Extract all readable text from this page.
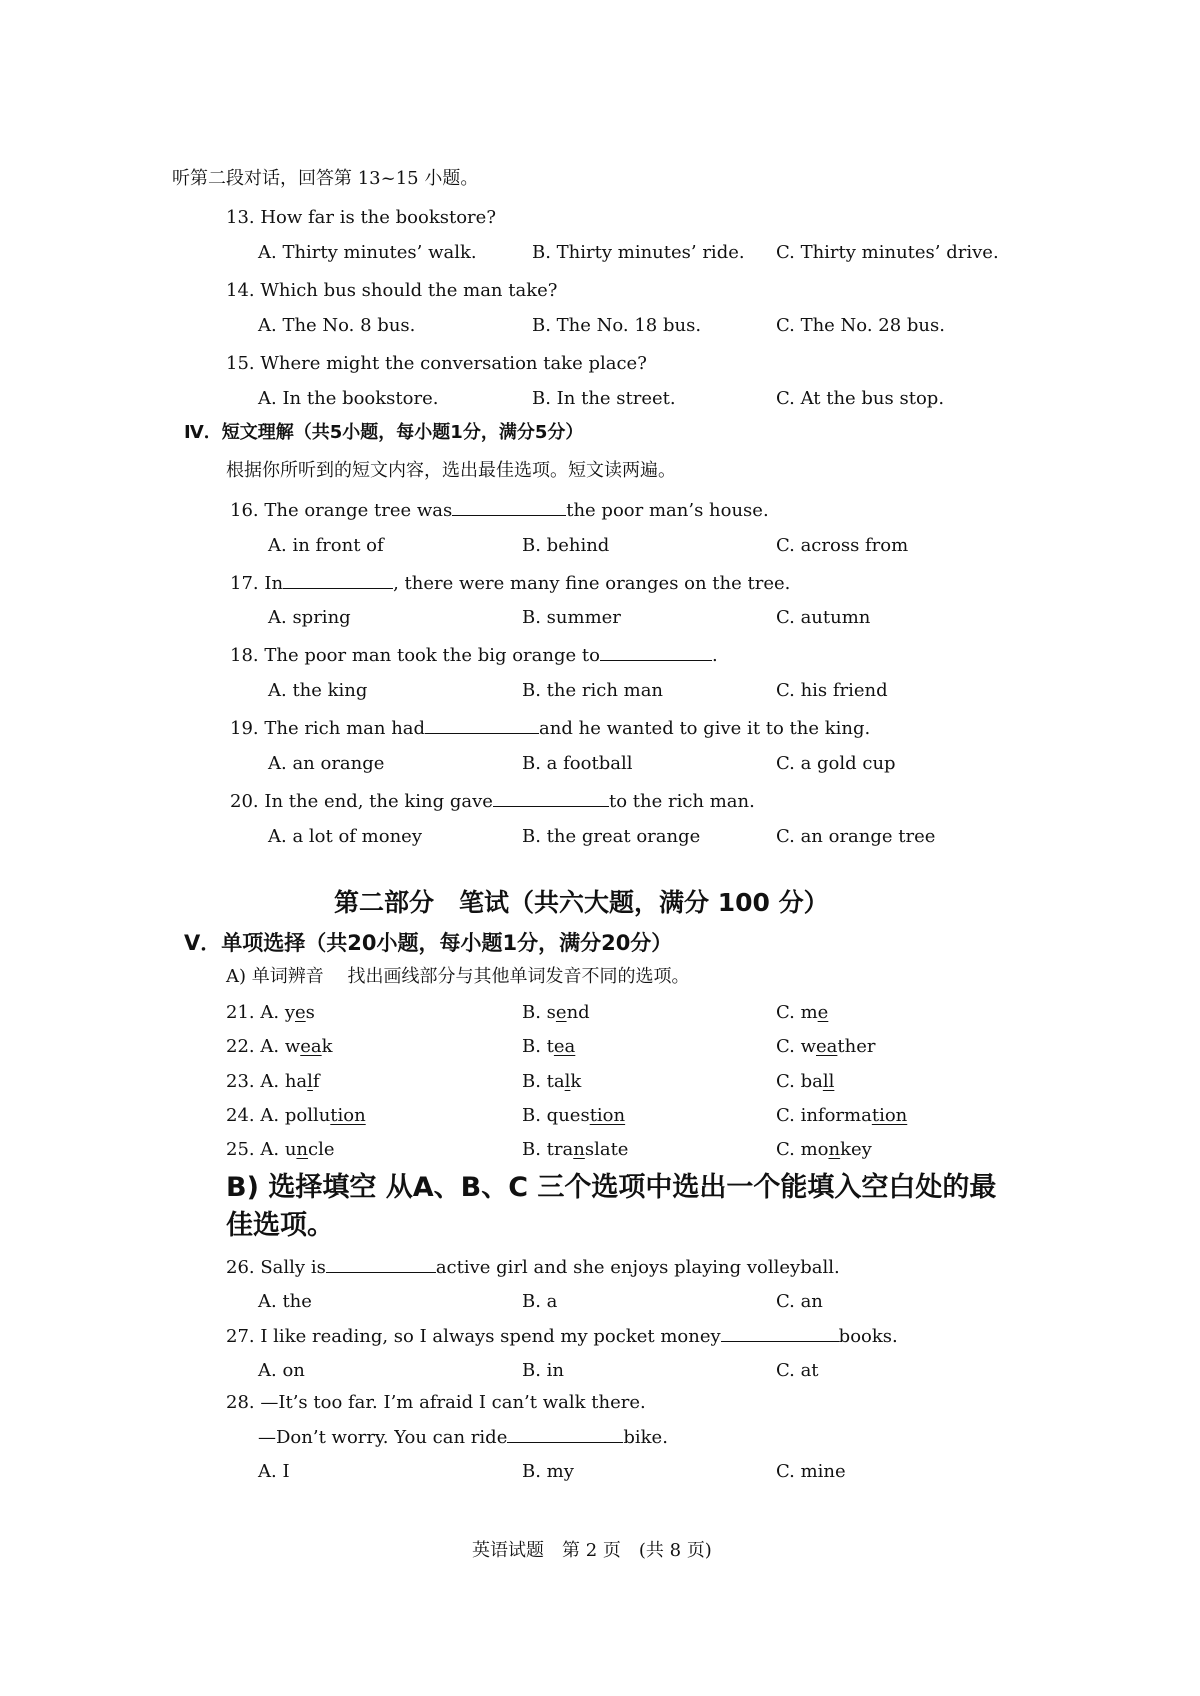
听第二段对话，回答第 13~15 小题。
13. How far is the bookstore?
A. Thirty minutes’ walk.	B. Thirty minutes’ ride. C. Thirty minutes’ drive.
14. Which bus should the man take?
A. The No. 8 bus.	B. The No. 18 bus.	C. The No. 28 bus.
15. Where might the conversation take place?
A. In the bookstore.	B. In the street.	C. At the bus stop.
Ⅳ．短文理解（共5小题，每小题1分，满分5分）
根据你所听到的短文内容，选出最佳选项。短文读两遍。
16. The orange tree was	the poor man’s house.
A. in front of	B. behind	C. across from
17. In	, there were many fine oranges on the tree.
A. spring	B. summer	C. autumn
18. The poor man took the big orange to	.
A. the king	B. the rich man	C. his friend
19. The rich man had	and he wanted to give it to the king.
A. an orange	B. a football	C. a gold cup
20. In the end, the king gave	to the rich man.
A. a lot of money	B. the great orange	C. an orange tree
第二部分　笔试（共六大题，满分 100 分）
Ⅴ．单项选择（共20小题，每小题1分，满分20分）
A) 单词辨音　 找出画线部分与其他单词发音不同的选项。
21. A. yes	B. send	C. me
22. A. weak	B. tea	C. weather
23. A. half	B. talk	C. ball
24. A. pollution	B. question	C. information
25. A. uncle	B. translate	C. monkey
B) 选择填空 从A、B、C 三个选项中选出一个能填入空白处的最
佳选项。
26. Sally is	active girl and she enjoys playing volleyball.
A. the	B. a	C. an
27. I like reading, so I always spend my pocket money	books.
A. on	B. in	C. at
28. —It’s too far. I’m afraid I can’t walk there.
—Don’t worry. You can ride	bike.
A. I	B. my	C. mine
英语试题　第 2 页　(共 8 页)
